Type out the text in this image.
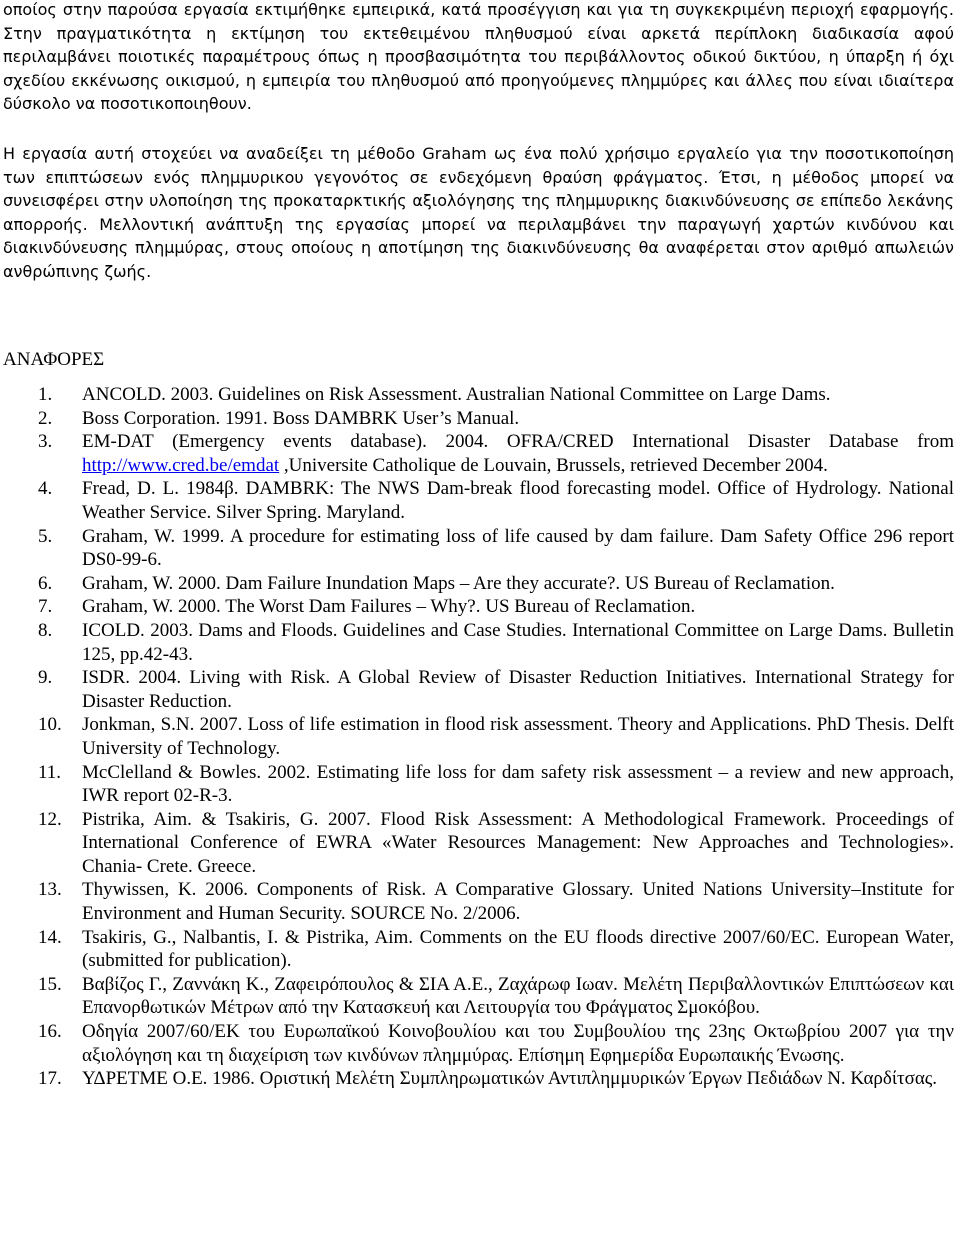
οποίος στην παρούσα εργασία εκτιμήθηκε εμπειρικά, κατά προσέγγιση και για τη συγκεκριμένη περιοχή εφαρμογής. Στην πραγματικότητα η εκτίμηση του εκτεθειμένου πληθυσμού είναι αρκετά περίπλοκη διαδικασία αφού περιλαμβάνει ποιοτικές παραμέτρους όπως η προσβασιμότητα του περιβάλλοντος οδικού δικτύου, η ύπαρξη ή όχι σχεδίου εκκένωσης οικισμού, η εμπειρία του πληθυσμού από προηγούμενες πλημμύρες και άλλες που είναι ιδιαίτερα δύσκολο να ποσοτικοποιηθουν.

Η εργασία αυτή στοχεύει να αναδείξει τη μέθοδο Graham ως ένα πολύ χρήσιμο εργαλείο για την ποσοτικοποίηση των επιπτώσεων ενός πλημμυρικου γεγονότος σε ενδεχόμενη θραύση φράγματος. Έτσι, η μέθοδος μπορεί να συνεισφέρει στην υλοποίηση της προκαταρκτικής αξιολόγησης της πλημμυρικης διακινδύνευσης σε επίπεδο λεκάνης απορροής. Μελλοντική ανάπτυξη της εργασίας μπορεί να περιλαμβάνει την παραγωγή χαρτών κινδύνου και διακινδύνευσης πλημμύρας, στους οποίους η αποτίμηση της διακινδύνευσης θα αναφέρεται στον αριθμό απωλειών ανθρώπινης ζωής.

ΑΝΑΦΟΡΕΣ
1. ANCOLD. 2003. Guidelines on Risk Assessment. Australian National Committee on Large Dams.
2. Boss Corporation. 1991. Boss DAMBRK User’s Manual.
3. EM-DAT (Emergency events database). 2004. OFRA/CRED International Disaster Database from http://www.cred.be/emdat ,Universite Catholique de Louvain, Brussels, retrieved December 2004.
4. Fread, D. L. 1984β. DAMBRK: The NWS Dam-break flood forecasting model. Office of Hydrology. National Weather Service. Silver Spring. Maryland.
5. Graham, W. 1999. A procedure for estimating loss of life caused by dam failure. Dam Safety Office 296 report DS0-99-6.
6. Graham, W. 2000. Dam Failure Inundation Maps – Are they accurate?. US Bureau of Reclamation.
7. Graham, W. 2000. The Worst Dam Failures – Why?. US Bureau of Reclamation.
8. ICOLD. 2003. Dams and Floods. Guidelines and Case Studies. International Committee on Large Dams. Bulletin 125, pp.42-43.
9. ISDR. 2004. Living with Risk. A Global Review of Disaster Reduction Initiatives. International Strategy for Disaster Reduction.
10. Jonkman, S.N. 2007. Loss of life estimation in flood risk assessment. Theory and Applications. PhD Thesis. Delft University of Technology.
11. McClelland & Bowles. 2002. Estimating life loss for dam safety risk assessment – a review and new approach, IWR report 02-R-3.
12. Pistrika, Aim. & Tsakiris, G. 2007. Flood Risk Assessment: A Methodological Framework. Proceedings of International Conference of EWRA «Water Resources Management: New Approaches and Technologies». Chania- Crete. Greece.
13. Thywissen, K. 2006. Components of Risk. A Comparative Glossary. United Nations University–Institute for Environment and Human Security. SOURCE No. 2/2006.
14. Tsakiris, G., Nalbantis, I. & Pistrika, Aim. Comments on the EU floods directive 2007/60/EC. European Water, (submitted for publication).
15. Βαβίζος Γ., Ζαννάκη Κ., Ζαφειρόπουλος & ΣΙΑ Α.Ε., Ζαχάρωφ Ιωαν. Μελέτη Περιβαλλοντικών Επιπτώσεων και Επανορθωτικών Μέτρων από την Κατασκευή και Λειτουργία του Φράγματος Σμοκόβου.
16. Οδηγία 2007/60/ΕΚ του Ευρωπαϊκού Κοινοβουλίου και του Συμβουλίου της 23ης Οκτωβρίου 2007 για την αξιολόγηση και τη διαχείριση των κινδύνων πλημμύρας. Επίσημη Εφημερίδα Ευρωπαικής Ένωσης.
17. ΥΔΡΕΤΜΕ Ο.Ε. 1986. Οριστική Μελέτη Συμπληρωματικών Αντιπλημμυρικών Έργων Πεδιάδων Ν. Καρδίτσας.
